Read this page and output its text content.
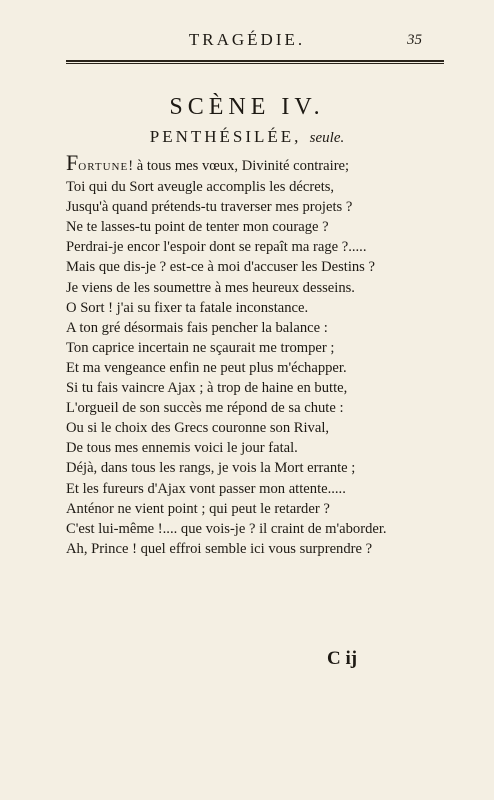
TRAGÉDIE.	35
SCÈNE IV.
PENTHÉSILÉE, seule.
FORTUNE! à tous mes vœux, Divinité contraire;
Toi qui du Sort aveugle accomplis les décrets,
Jusqu'à quand prétends-tu traverser mes projets ?
Ne te lasses-tu point de tenter mon courage ?
Perdrai-je encor l'espoir dont se repaît ma rage ?.....
Mais que dis-je ? est-ce à moi d'accuser les Destins ?
Je viens de les soumettre à mes heureux desseins.
O Sort ! j'ai su fixer ta fatale inconstance.
A ton gré désormais fais pencher la balance :
Ton caprice incertain ne sçaurait me tromper ;
Et ma vengeance enfin ne peut plus m'échapper.
Si tu fais vaincre Ajax ; à trop de haine en butte,
L'orgueil de son succès me répond de sa chute :
Ou si le choix des Grecs couronne son Rival,
De tous mes ennemis voici le jour fatal.
Déjà, dans tous les rangs, je vois la Mort errante ;
Et les fureurs d'Ajax vont passer mon attente.....
Anténor ne vient point ; qui peut le retarder ?
C'est lui-même !.... que vois-je ? il craint de m'aborder.
Ah, Prince ! quel effroi semble ici vous surprendre ?
C ij
